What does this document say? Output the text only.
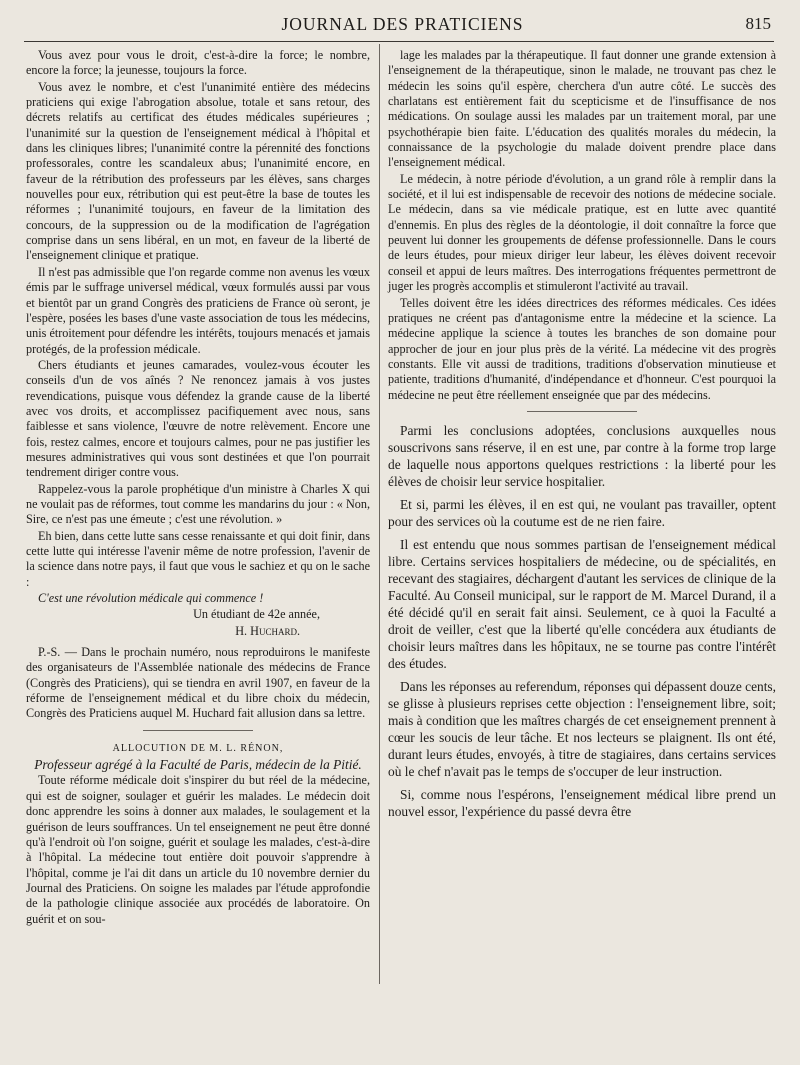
JOURNAL DES PRATICIENS	815

Vous avez pour vous le droit, c'est-à-dire la force; le nombre, encore la force; la jeunesse, toujours la force.

Vous avez le nombre, et c'est l'unanimité entière des médecins praticiens qui exige l'abrogation absolue, totale et sans retour, des décrets relatifs au certificat des études médicales supérieures ; l'unanimité sur la question de l'enseignement médical à l'hôpital et dans les cliniques libres; l'unanimité contre la pérennité des fonctions professorales, contre les scandaleux abus; l'unanimité encore, en faveur de la rétribution des professeurs par les élèves, sans charges nouvelles pour eux, rétribution qui est peut-être la base de toutes les réformes ; l'unanimité toujours, en faveur de la limitation des concours, de la suppression ou de la modification de l'agrégation comprise dans un sens libéral, en un mot, en faveur de la liberté de l'enseignement clinique et pratique.

Il n'est pas admissible que l'on regarde comme non avenus les vœux émis par le suffrage universel médical, vœux formulés aussi par vous et bientôt par un grand Congrès des praticiens de France où seront, je l'espère, posées les bases d'une vaste association de tous les médecins, unis étroitement pour défendre les intérêts, toujours menacés et jamais protégés, de la profession médicale.

Chers étudiants et jeunes camarades, voulez-vous écouter les conseils d'un de vos aînés ? Ne renoncez jamais à vos justes revendications, puisque vous défendez la grande cause de la liberté avec vos droits, et accomplissez pacifiquement avec nous, sans faiblesse et sans violence, l'œuvre de notre relèvement. Encore une fois, restez calmes, encore et toujours calmes, pour ne pas justifier les mesures administratives qui vous sont destinées et que l'on pourrait tendrement diriger contre vous.

Rappelez-vous la parole prophétique d'un ministre à Charles X qui ne voulait pas de réformes, tout comme les mandarins du jour : « Non, Sire, ce n'est pas une émeute ; c'est une révolution. »

Eh bien, dans cette lutte sans cesse renaissante et qui doit finir, dans cette lutte qui intéresse l'avenir même de notre profession, l'avenir de la science dans notre pays, il faut que vous le sachiez et qu on le sache :

C'est une révolution médicale qui commence !

Un étudiant de 42e année,

H. Huchard.

P.-S. — Dans le prochain numéro, nous reproduirons le manifeste des organisateurs de l'Assemblée nationale des médecins de France (Congrès des Praticiens), qui se tiendra en avril 1907, en faveur de la réforme de l'enseignement médical et du libre choix du médecin, Congrès des Praticiens auquel M. Huchard fait allusion dans sa lettre.

ALLOCUTION DE M. L. RÉNON,

Professeur agrégé à la Faculté de Paris, médecin de la Pitié.

Toute réforme médicale doit s'inspirer du but réel de la médecine, qui est de soigner, soulager et guérir les malades. Le médecin doit donc apprendre les soins à donner aux malades, le soulagement et la guérison de leurs souffrances. Un tel enseignement ne peut être donné qu'à l'endroit où l'on soigne, guérit et soulage les malades, c'est-à-dire à l'hôpital. La médecine tout entière doit pouvoir s'apprendre à l'hôpital, comme je l'ai dit dans un article du 10 novembre dernier du Journal des Praticiens. On soigne les malades par l'étude approfondie de la pathologie clinique associée aux procédés de laboratoire. On guérit et on sou-

lage les malades par la thérapeutique. Il faut donner une grande extension à l'enseignement de la thérapeutique, sinon le malade, ne trouvant pas chez le médecin les soins qu'il espère, cherchera d'un autre côté. Le succès des charlatans est entièrement fait du scepticisme et de l'insuffisance de nos médications. On soulage aussi les malades par un traitement moral, par une psychothérapie bien faite. L'éducation des qualités morales du médecin, la connaissance de la psychologie du malade doivent prendre place dans l'enseignement médical.

Le médecin, à notre période d'évolution, a un grand rôle à remplir dans la société, et il lui est indispensable de recevoir des notions de médecine sociale. Le médecin, dans sa vie médicale pratique, est en lutte avec quantité d'ennemis. En plus des règles de la déontologie, il doit connaître la force que peuvent lui donner les groupements de défense professionnelle. Dans le cours de leurs études, pour mieux diriger leur labeur, les élèves doivent recevoir conseil et appui de leurs maîtres. Des interrogations fréquentes permettront de juger les progrès accomplis et stimuleront l'activité au travail.

Telles doivent être les idées directrices des réformes médicales. Ces idées pratiques ne créent pas d'antagonisme entre la médecine et la science. La médecine applique la science à toutes les branches de son domaine pour approcher de jour en jour plus près de la vérité. La médecine vit des progrès constants. Elle vit aussi de traditions, traditions d'observation minutieuse et patiente, traditions d'humanité, d'indépendance et d'honneur. C'est pourquoi la médecine ne peut être réellement enseignée que par des médecins.

Parmi les conclusions adoptées, conclusions auxquelles nous souscrivons sans réserve, il en est une, par contre à la forme trop large de laquelle nous apportons quelques restrictions : la liberté pour les élèves de choisir leur service hospitalier.

Et si, parmi les élèves, il en est qui, ne voulant pas travailler, optent pour des services où la coutume est de ne rien faire.

Il est entendu que nous sommes partisan de l'enseignement médical libre. Certains services hospitaliers de médecine, ou de spécialités, en recevant des stagiaires, déchargent d'autant les services de clinique de la Faculté. Au Conseil municipal, sur le rapport de M. Marcel Durand, il a été décidé qu'il en serait fait ainsi. Seulement, ce à quoi la Faculté a droit de veiller, c'est que la liberté qu'elle concédera aux étudiants de choisir leurs maîtres dans les hôpitaux, ne se tourne pas contre l'intérêt des études.

Dans les réponses au referendum, réponses qui dépassent douze cents, se glisse à plusieurs reprises cette objection : l'enseignement libre, soit; mais à condition que les maîtres chargés de cet enseignement prennent à cœur les soucis de leur tâche. Et nos lecteurs se plaignent. Ils ont été, durant leurs études, envoyés, à titre de stagiaires, dans certains services où le chef n'avait pas le temps de s'occuper de leur instruction.

Si, comme nous l'espérons, l'enseignement médical libre prend un nouvel essor, l'expérience du passé devra être
